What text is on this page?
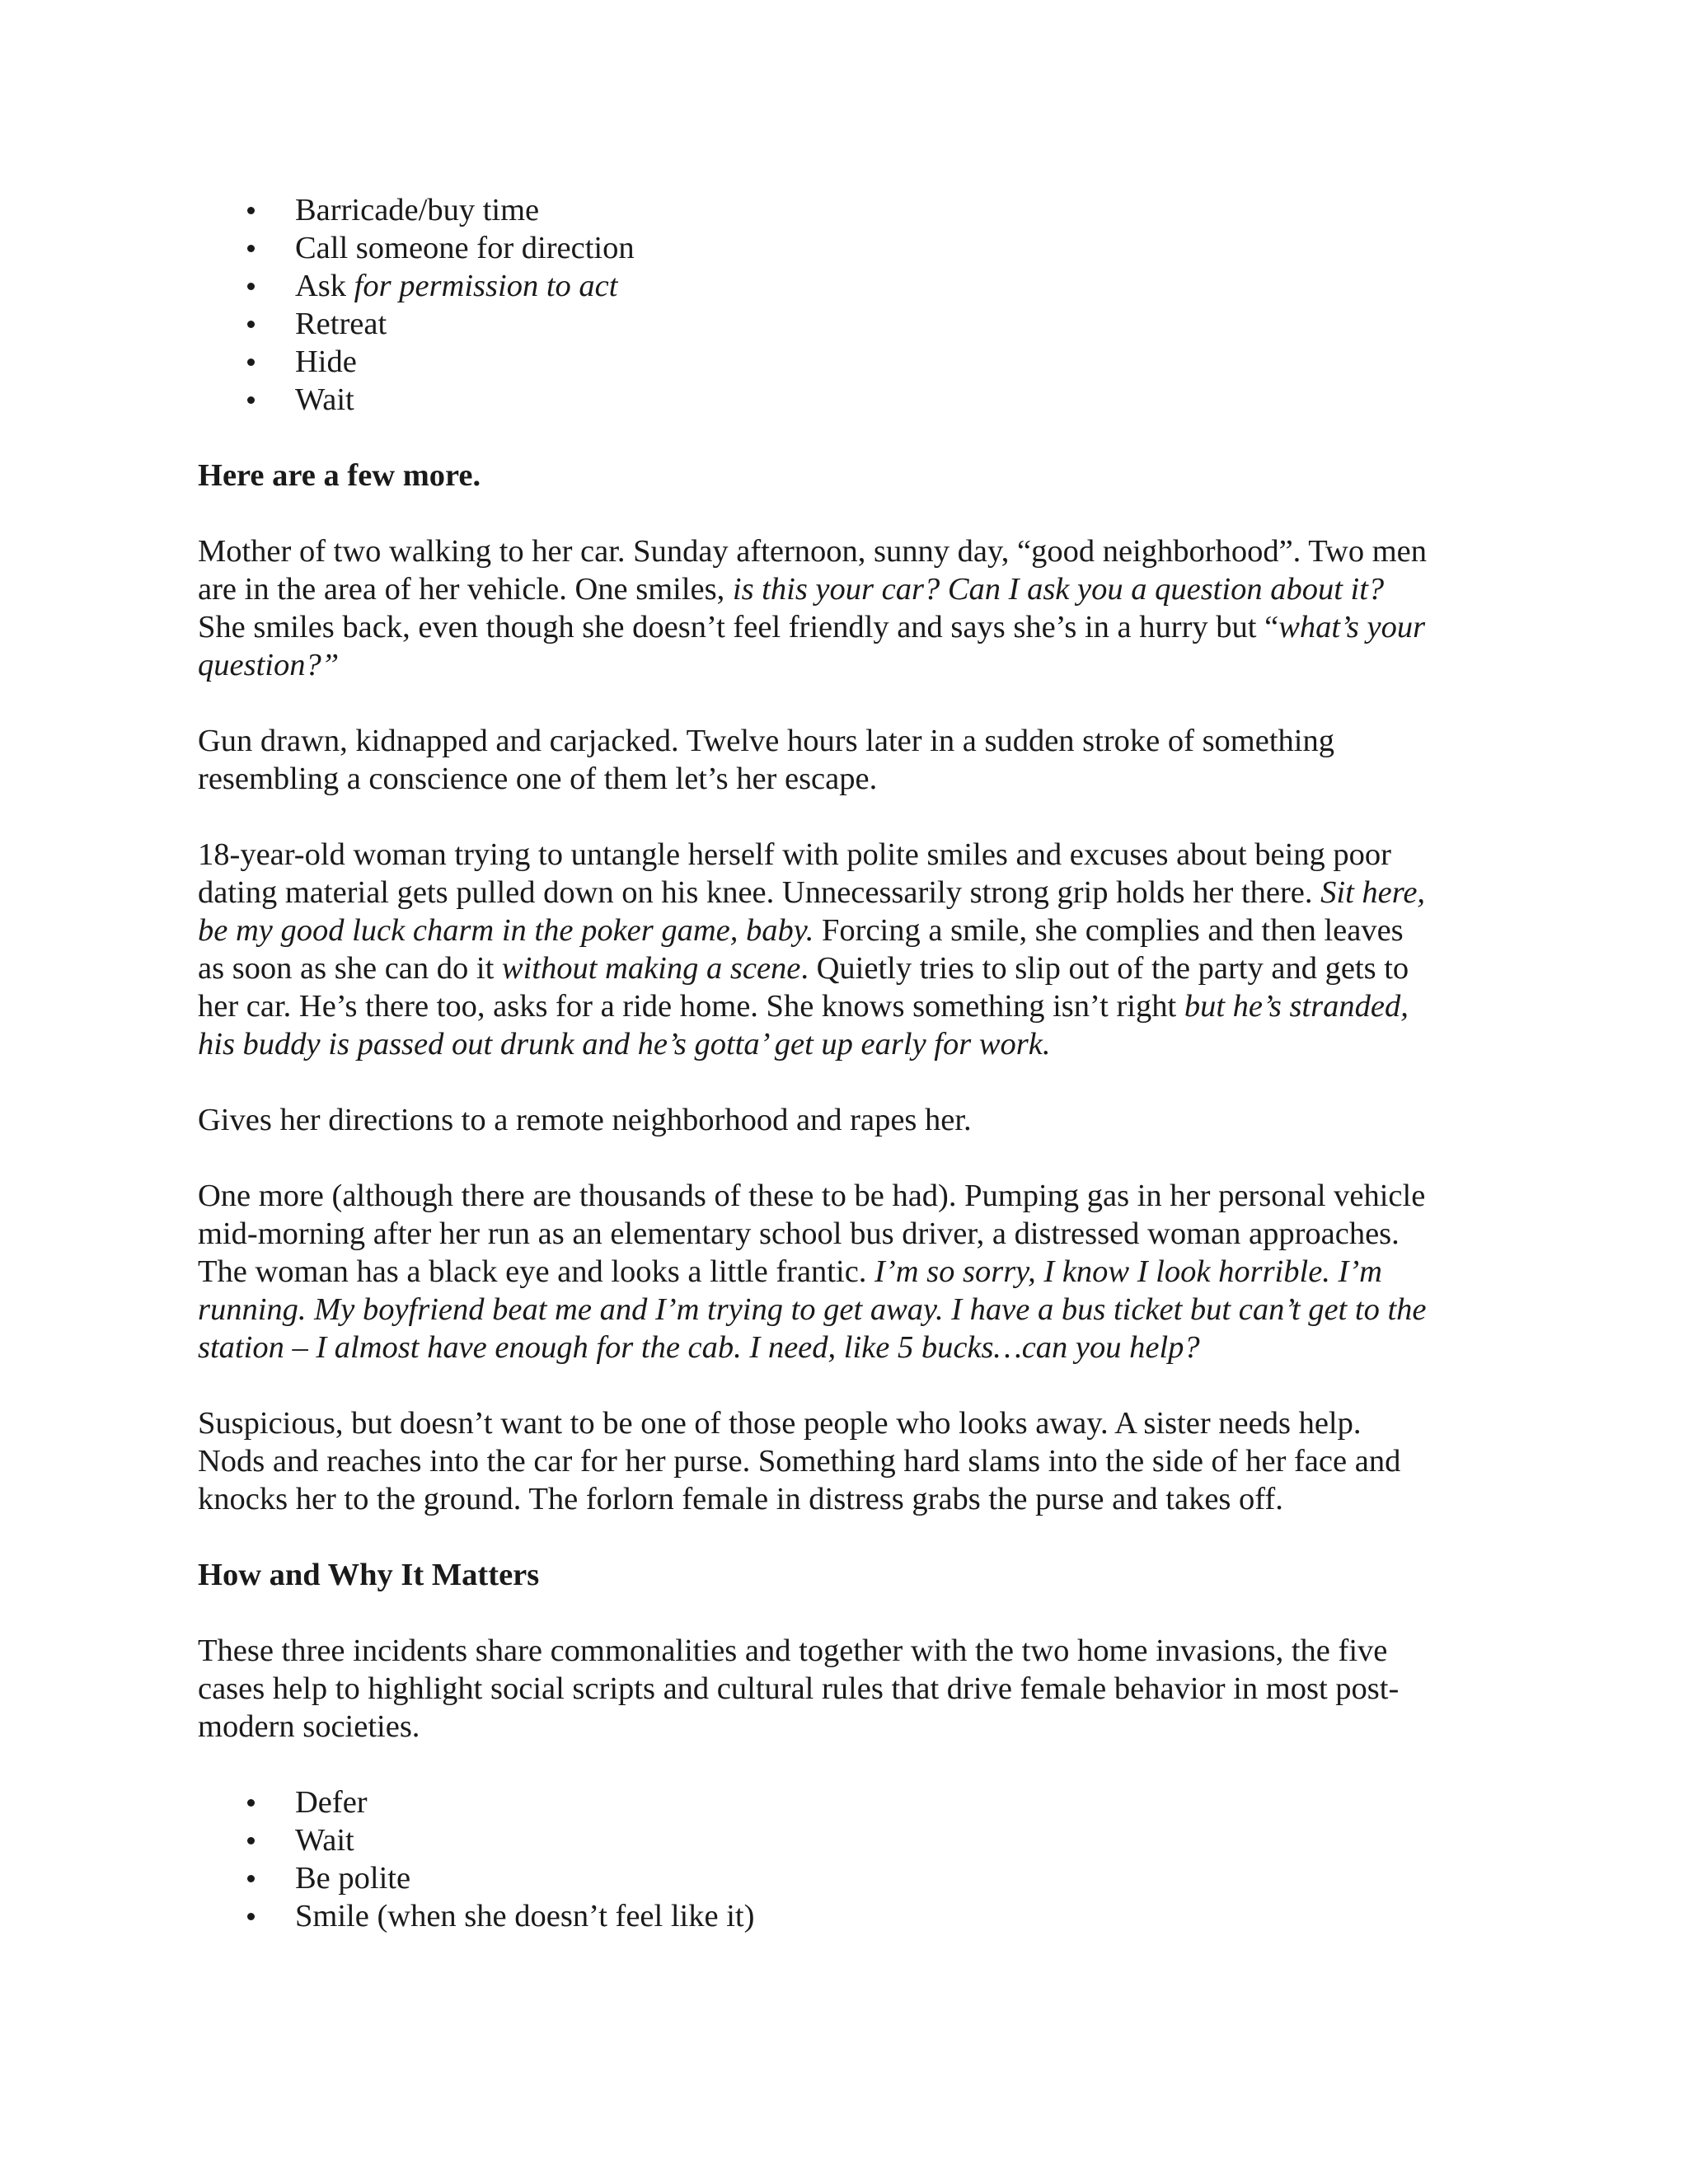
Barricade/buy time
Call someone for direction
Ask for permission to act
Retreat
Hide
Wait
Here are a few more.

Mother of two walking to her car. Sunday afternoon, sunny day, “good neighborhood”. Two men
are in the area of her vehicle. One smiles, is this your car? Can I ask you a question about it?
She smiles back, even though she doesn’t feel friendly and says she’s in a hurry but “what’s your
question?”

Gun drawn, kidnapped and carjacked. Twelve hours later in a sudden stroke of something
resembling a conscience one of them let’s her escape.

18-year-old woman trying to untangle herself with polite smiles and excuses about being poor
dating material gets pulled down on his knee. Unnecessarily strong grip holds her there. Sit here,
be my good luck charm in the poker game, baby. Forcing a smile, she complies and then leaves
as soon as she can do it without making a scene. Quietly tries to slip out of the party and gets to
her car. He’s there too, asks for a ride home. She knows something isn’t right but he’s stranded,
his buddy is passed out drunk and he’s gotta’ get up early for work.

Gives her directions to a remote neighborhood and rapes her.

One more (although there are thousands of these to be had). Pumping gas in her personal vehicle
mid-morning after her run as an elementary school bus driver, a distressed woman approaches.
The woman has a black eye and looks a little frantic. I’m so sorry, I know I look horrible. I’m
running. My boyfriend beat me and I’m trying to get away. I have a bus ticket but can’t get to the
station – I almost have enough for the cab. I need, like 5 bucks…can you help?

Suspicious, but doesn’t want to be one of those people who looks away. A sister needs help.
Nods and reaches into the car for her purse. Something hard slams into the side of her face and
knocks her to the ground. The forlorn female in distress grabs the purse and takes off.

How and Why It Matters

These three incidents share commonalities and together with the two home invasions, the five
cases help to highlight social scripts and cultural rules that drive female behavior in most post-
modern societies.

Defer
Wait
Be polite
Smile (when she doesn’t feel like it)
